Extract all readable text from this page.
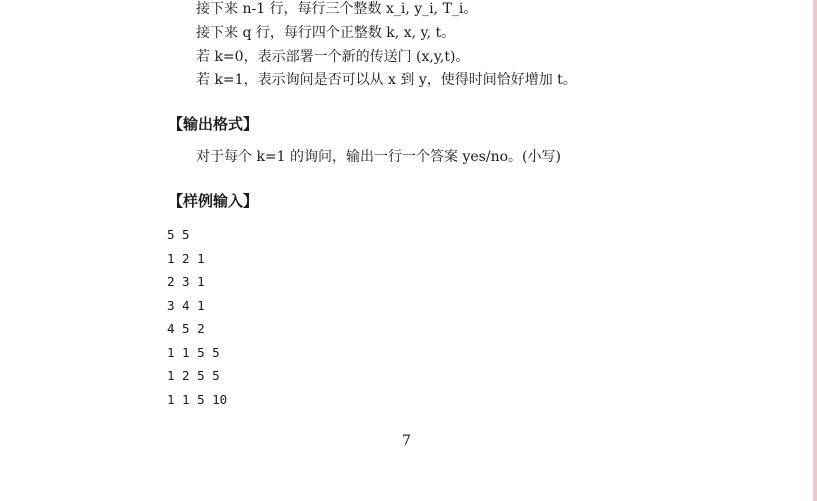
接下来 n-1 行，每行三个整数 x_i, y_i, T_i。
接下来 q 行，每行四个正整数 k, x, y, t。
若 k=0，表示部署一个新的传送门 (x,y,t)。
若 k=1，表示询问是否可以从 x 到 y，使得时间恰好增加 t。
【输出格式】
对于每个 k=1 的询问，输出一行一个答案 yes/no。(小写)
【样例输入】
5 5
1 2 1
2 3 1
3 4 1
4 5 2
1 1 5 5
1 2 5 5
1 1 5 10
7
